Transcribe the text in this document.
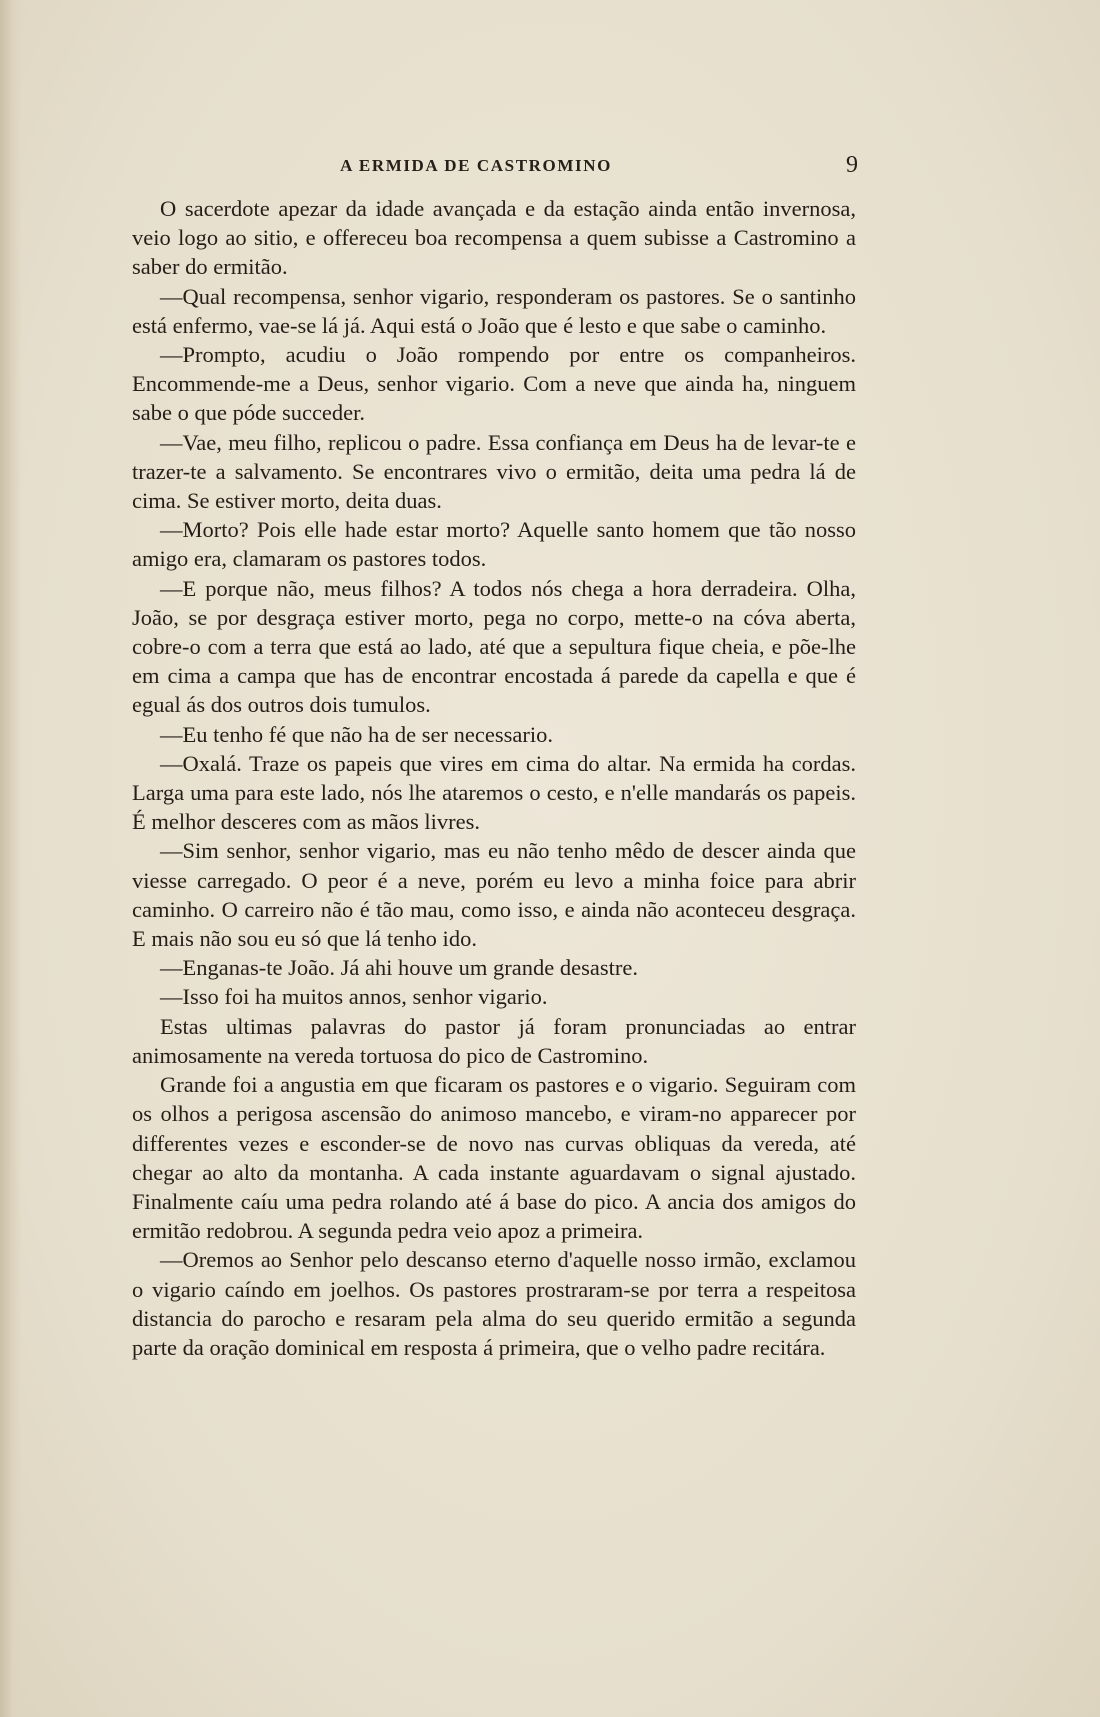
A ERMIDA DE CASTROMINO	9

O sacerdote apezar da idade avançada e da estação ainda então invernosa, veio logo ao sitio, e offereceu boa recompensa a quem subisse a Castromino a saber do ermitão.

—Qual recompensa, senhor vigario, responderam os pastores. Se o santinho está enfermo, vae-se lá já. Aqui está o João que é lesto e que sabe o caminho.

—Prompto, acudiu o João rompendo por entre os companheiros. Encommende-me a Deus, senhor vigario. Com a neve que ainda ha, ninguem sabe o que póde succeder.

—Vae, meu filho, replicou o padre. Essa confiança em Deus ha de levar-te e trazer-te a salvamento. Se encontrares vivo o ermitão, deita uma pedra lá de cima. Se estiver morto, deita duas.

—Morto? Pois elle hade estar morto? Aquelle santo homem que tão nosso amigo era, clamaram os pastores todos.

—E porque não, meus filhos? A todos nós chega a hora derradeira. Olha, João, se por desgraça estiver morto, pega no corpo, mette-o na cóva aberta, cobre-o com a terra que está ao lado, até que a sepultura fique cheia, e põe-lhe em cima a campa que has de encontrar encostada á parede da capella e que é egual ás dos outros dois tumulos.

—Eu tenho fé que não ha de ser necessario.

—Oxalá. Traze os papeis que vires em cima do altar. Na ermida ha cordas. Larga uma para este lado, nós lhe ataremos o cesto, e n'elle mandarás os papeis. É melhor desceres com as mãos livres.

—Sim senhor, senhor vigario, mas eu não tenho mêdo de descer ainda que viesse carregado. O peor é a neve, porém eu levo a minha foice para abrir caminho. O carreiro não é tão mau, como isso, e ainda não aconteceu desgraça. E mais não sou eu só que lá tenho ido.

—Enganas-te João. Já ahi houve um grande desastre.

—Isso foi ha muitos annos, senhor vigario.

Estas ultimas palavras do pastor já foram pronunciadas ao entrar animosamente na vereda tortuosa do pico de Castromino.

Grande foi a angustia em que ficaram os pastores e o vigario. Seguiram com os olhos a perigosa ascensão do animoso mancebo, e viram-no apparecer por differentes vezes e esconder-se de novo nas curvas obliquas da vereda, até chegar ao alto da montanha. A cada instante aguardavam o signal ajustado. Finalmente caíu uma pedra rolando até á base do pico. A ancia dos amigos do ermitão redobrou. A segunda pedra veio apoz a primeira.

—Oremos ao Senhor pelo descanso eterno d'aquelle nosso irmão, exclamou o vigario caíndo em joelhos. Os pastores prostraram-se por terra a respeitosa distancia do parocho e resaram pela alma do seu querido ermitão a segunda parte da oração dominical em resposta á primeira, que o velho padre recitára.
